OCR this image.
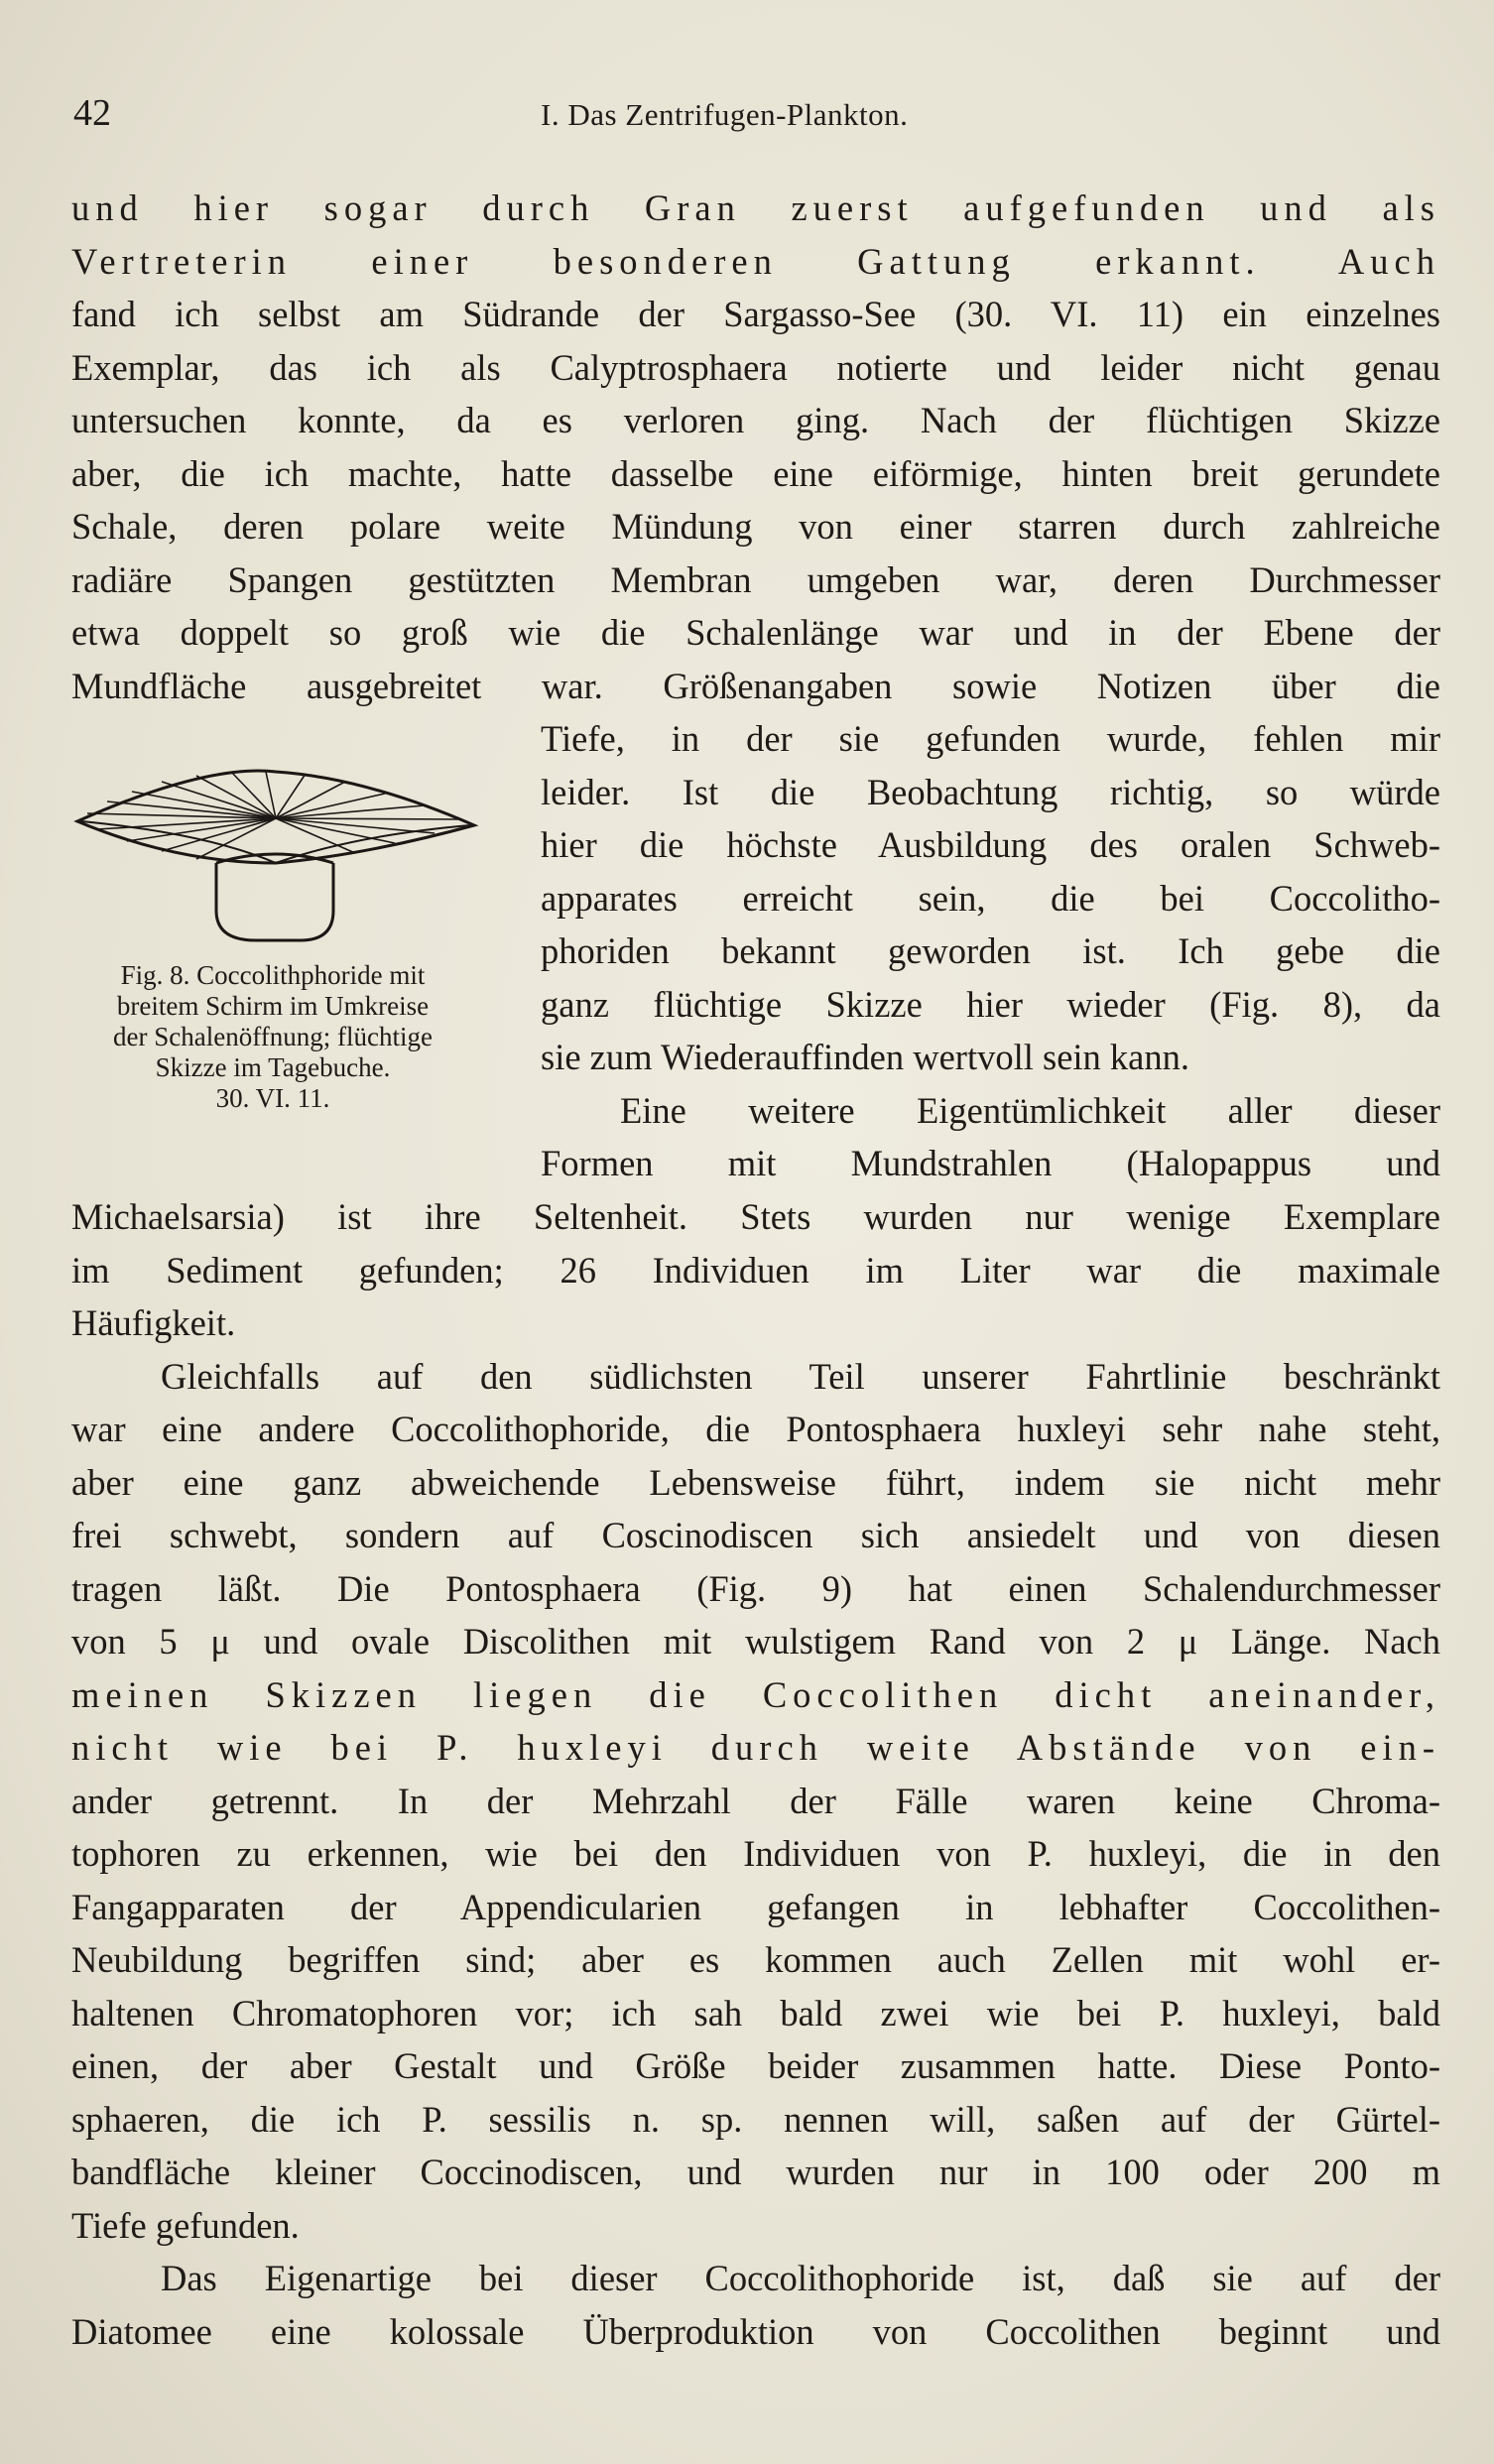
42	I. Das Zentrifugen-Plankton.
und hier sogar durch Gran zuerst aufgefunden und als
Vertreterin einer besonderen Gattung erkannt. Auch
fand ich selbst am Südrande der Sargasso-See (30. VI. 11) ein einzelnes
Exemplar, das ich als Calyptrosphaera notierte und leider nicht genau
untersuchen konnte, da es verloren ging. Nach der flüchtigen Skizze
aber, die ich machte, hatte dasselbe eine eiförmige, hinten breit gerundete
Schale, deren polare weite Mündung von einer starren durch zahlreiche
radiäre Spangen gestützten Membran umgeben war, deren Durchmesser
etwa doppelt so groß wie die Schalenlänge war und in der Ebene der
Mundfläche ausgebreitet war. Größenangaben sowie Notizen über die
Fig. 8. Coccolithphoride mit
breitem Schirm im Umkreise
der Schalenöffnung; flüchtige
Skizze im Tagebuche.
30. VI. 11.
Tiefe, in der sie gefunden wurde, fehlen mir
leider. Ist die Beobachtung richtig, so würde
hier die höchste Ausbildung des oralen Schweb-
apparates erreicht sein, die bei Coccolitho-
phoriden bekannt geworden ist. Ich gebe die
ganz flüchtige Skizze hier wieder (Fig. 8), da
sie zum Wiederauffinden wertvoll sein kann.
Eine weitere Eigentümlichkeit aller dieser
Formen mit Mundstrahlen (Halopappus und
Michaelsarsia) ist ihre Seltenheit. Stets wurden nur wenige Exemplare
im Sediment gefunden; 26 Individuen im Liter war die maximale
Häufigkeit.
Gleichfalls auf den südlichsten Teil unserer Fahrtlinie beschränkt
war eine andere Coccolithophoride, die Pontosphaera huxleyi sehr nahe steht,
aber eine ganz abweichende Lebensweise führt, indem sie nicht mehr
frei schwebt, sondern auf Coscinodiscen sich ansiedelt und von diesen
tragen läßt. Die Pontosphaera (Fig. 9) hat einen Schalendurchmesser
von 5 μ und ovale Discolithen mit wulstigem Rand von 2 μ Länge. Nach
meinen Skizzen liegen die Coccolithen dicht aneinander,
nicht wie bei P. huxleyi durch weite Abstände von ein-
ander getrennt. In der Mehrzahl der Fälle waren keine Chroma-
tophoren zu erkennen, wie bei den Individuen von P. huxleyi, die in den
Fangapparaten der Appendicularien gefangen in lebhafter Coccolithen-
Neubildung begriffen sind; aber es kommen auch Zellen mit wohl er-
haltenen Chromatophoren vor; ich sah bald zwei wie bei P. huxleyi, bald
einen, der aber Gestalt und Größe beider zusammen hatte. Diese Ponto-
sphaeren, die ich P. sessilis n. sp. nennen will, saßen auf der Gürtel-
bandfläche kleiner Coccinodiscen, und wurden nur in 100 oder 200 m
Tiefe gefunden.
Das Eigenartige bei dieser Coccolithophoride ist, daß sie auf der
Diatomee eine kolossale Überproduktion von Coccolithen beginnt und
